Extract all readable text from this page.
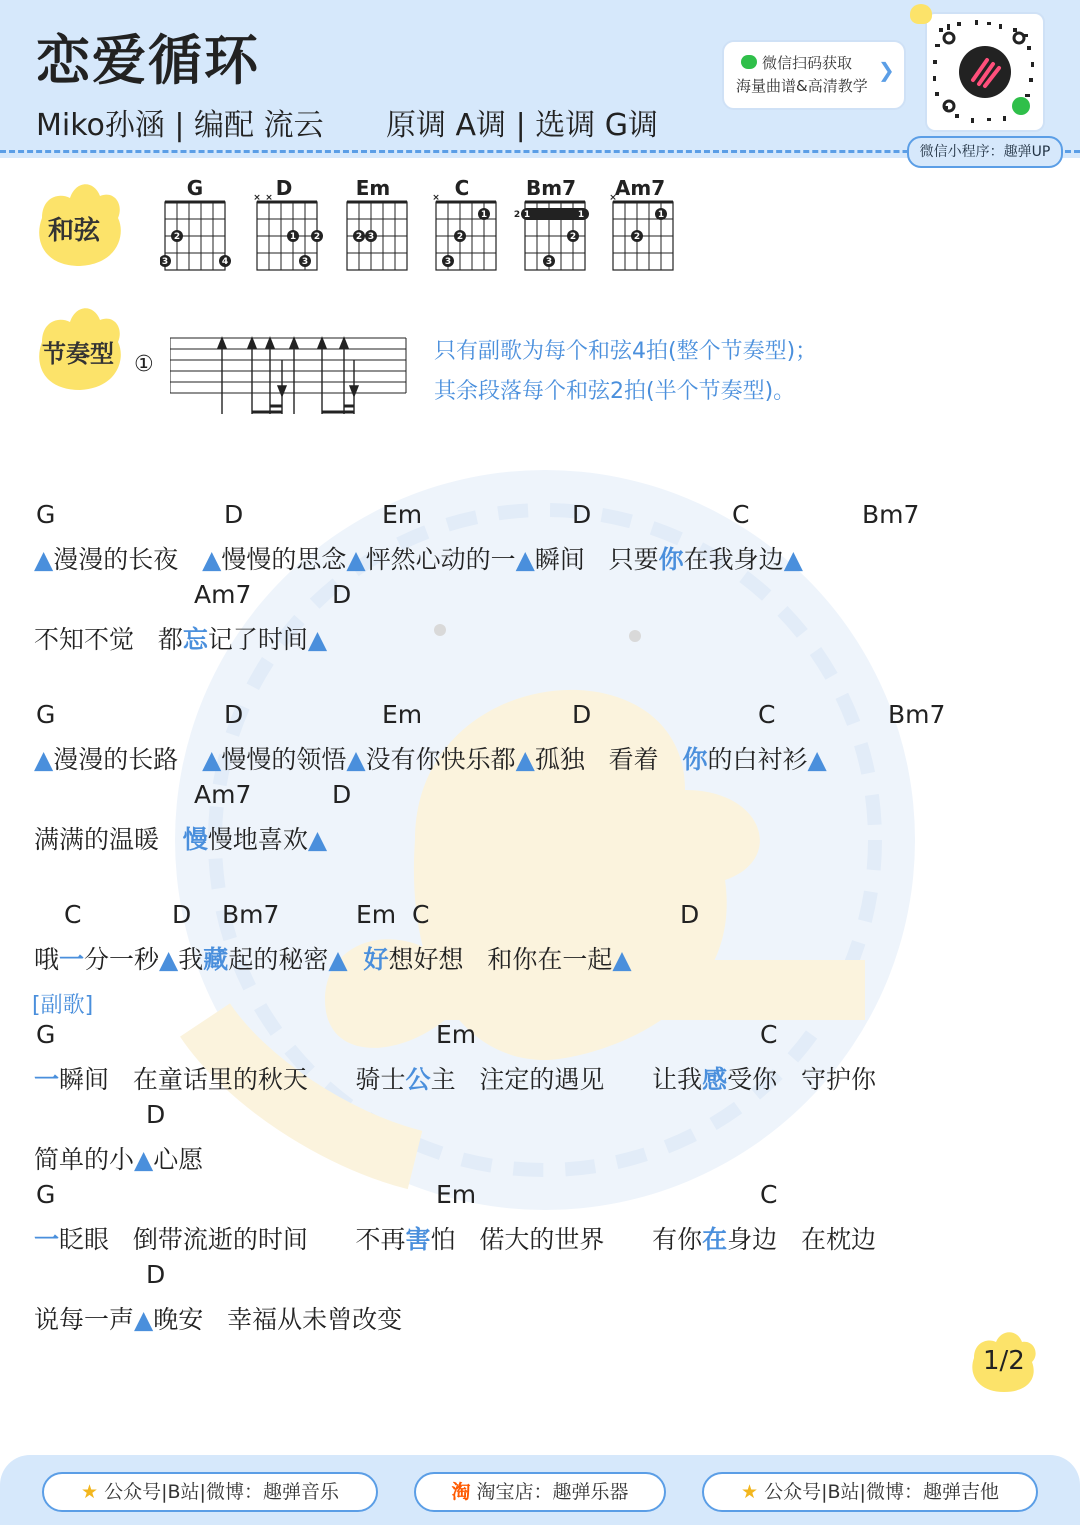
恋爱循环
Miko孙涵 | 编配 流云 原调 A调 | 选调 G调
微信扫码获取
海量曲谱&高清教学
❯
微信小程序：趣弹UP
和弦
G	D	Em	C	Bm7	Am7
2
3	4
× ×
1 2
3
2 3
×
1
2
3
2 1	1
2
3
×
1
2
节奏型 ①
只有副歌为每个和弦4拍(整个节奏型)；
其余段落每个和弦2拍(半个节奏型)。
G	D	Em	D	C	Bm7
▲漫漫的长夜   ▲慢慢的思念▲怦然心动的一▲瞬间   只要你在我身边▲
Am7	D
不知不觉   都忘记了时间▲
G	D	Em	D	C	Bm7
▲漫漫的长路   ▲慢慢的领悟▲没有你快乐都▲孤独   看着   你的白衬衫▲
Am7	D
满满的温暖   慢慢地喜欢▲
C	D Bm7	Em C	D
哦一分一秒▲我藏起的秘密▲ 好想好想   和你在一起▲
[副歌]
G	Em	C
一瞬间   在童话里的秋天      骑士公主   注定的遇见      让我感受你   守护你
D
简单的小▲心愿
G	Em	C
一眨眼   倒带流逝的时间      不再害怕   偌大的世界      有你在身边   在枕边
D
说每一声▲晚安   幸福从未曾改变
1/2
★ 公众号|B站|微博：趣弹音乐	淘 淘宝店：趣弹乐器	★ 公众号|B站|微博：趣弹吉他
